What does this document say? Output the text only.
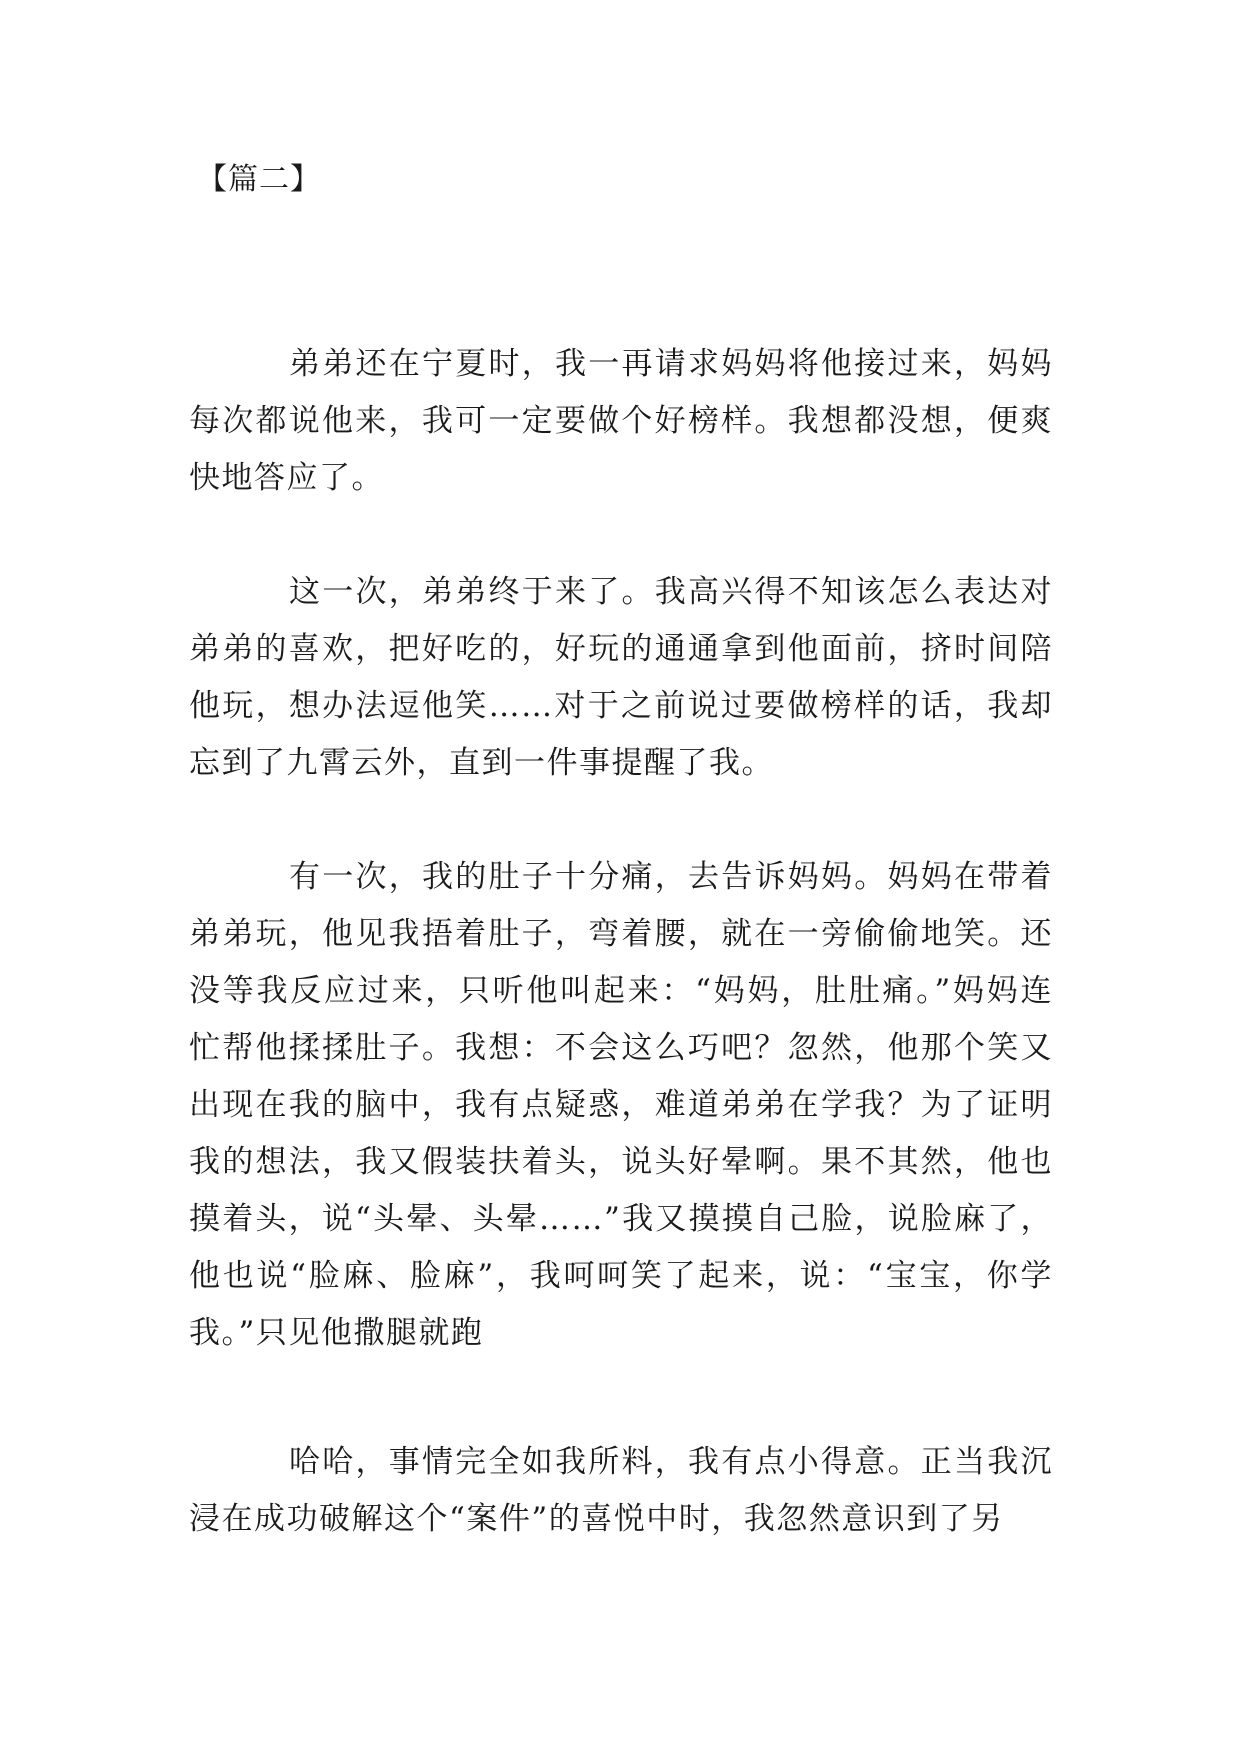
【篇二】

弟弟还在宁夏时，我一再请求妈妈将他接过来，妈妈每次都说他来，我可一定要做个好榜样。我想都没想，便爽快地答应了。

这一次，弟弟终于来了。我高兴得不知该怎么表达对弟弟的喜欢，把好吃的，好玩的通通拿到他面前，挤时间陪他玩，想办法逗他笑……对于之前说过要做榜样的话，我却忘到了九霄云外，直到一件事提醒了我。

有一次，我的肚子十分痛，去告诉妈妈。妈妈在带着弟弟玩，他见我捂着肚子，弯着腰，就在一旁偷偷地笑。还没等我反应过来，只听他叫起来：“妈妈，肚肚痛。”妈妈连忙帮他揉揉肚子。我想：不会这么巧吧？忽然，他那个笑又出现在我的脑中，我有点疑惑，难道弟弟在学我？为了证明我的想法，我又假装扶着头，说头好晕啊。果不其然，他也摸着头，说“头晕、头晕……”我又摸摸自己脸，说脸麻了，他也说“脸麻、脸麻”，我呵呵笑了起来，说：“宝宝，你学我。”只见他撒腿就跑

哈哈，事情完全如我所料，我有点小得意。正当我沉浸在成功破解这个“案件”的喜悦中时，我忽然意识到了另
